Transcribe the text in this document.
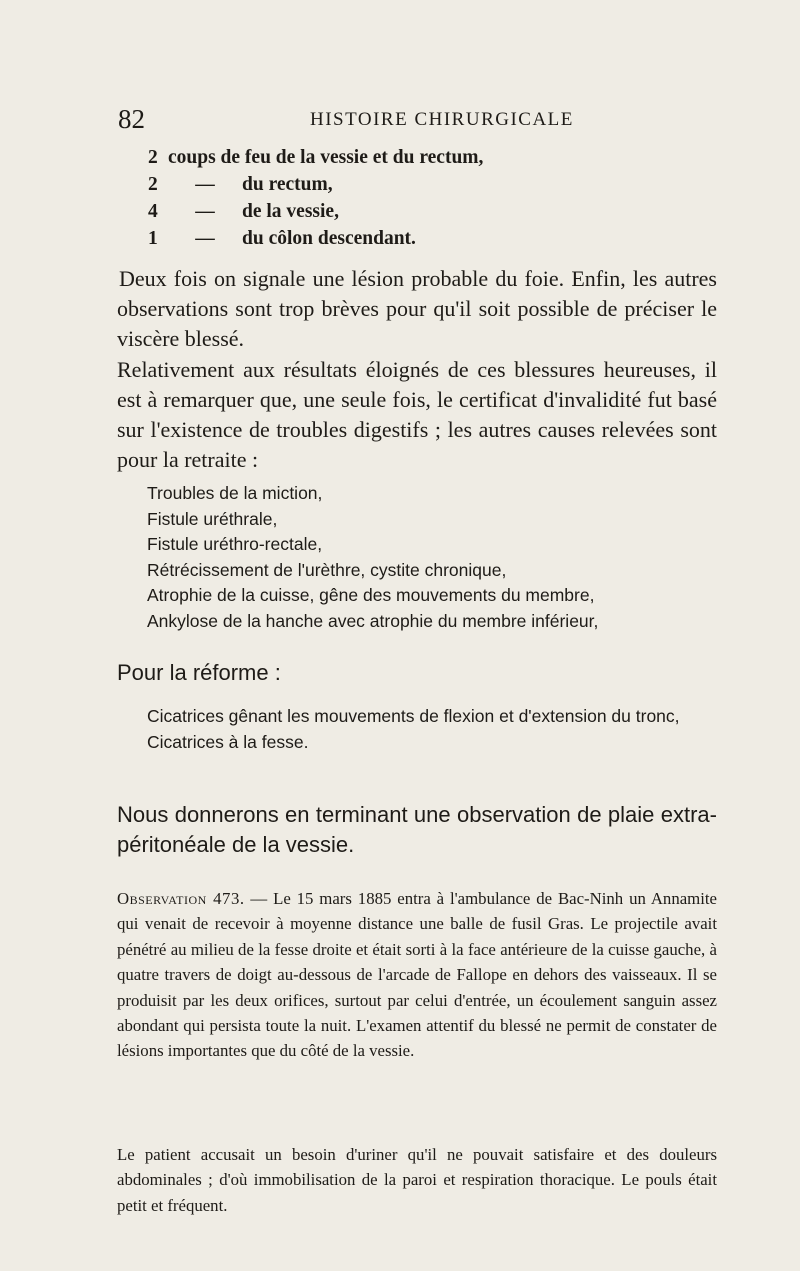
82	HISTOIRE CHIRURGICALE
2 coups de feu de la vessie et du rectum,
2	—	du rectum,
4	—	de la vessie,
1	—	du côlon descendant.

Deux fois on signale une lésion probable du foie. Enfin, les autres observations sont trop brèves pour qu'il soit possible de préciser le viscère blessé.

Relativement aux résultats éloignés de ces blessures heureuses, il est à remarquer que, une seule fois, le certificat d'invalidité fut basé sur l'existence de troubles digestifs ; les autres causes relevées sont pour la retraite :

Troubles de la miction,
Fistule uréthrale,
Fistule uréthro-rectale,
Rétrécissement de l'urèthre, cystite chronique,
Atrophie de la cuisse, gêne des mouvements du membre,
Ankylose de la hanche avec atrophie du membre inférieur,

Pour la réforme :

Cicatrices gênant les mouvements de flexion et d'extension du tronc,
Cicatrices à la fesse.

Nous donnerons en terminant une observation de plaie extra-péritonéale de la vessie.

Observation 473. — Le 15 mars 1885 entra à l'ambulance de Bac-Ninh un Annamite qui venait de recevoir à moyenne distance une balle de fusil Gras. Le projectile avait pénétré au milieu de la fesse droite et était sorti à la face antérieure de la cuisse gauche, à quatre travers de doigt au-dessous de l'arcade de Fallope en dehors des vaisseaux. Il se produisit par les deux orifices, surtout par celui d'entrée, un écoulement sanguin assez abondant qui persista toute la nuit. L'examen attentif du blessé ne permit de constater de lésions importantes que du côté de la vessie.

Le patient accusait un besoin d'uriner qu'il ne pouvait satisfaire et des douleurs abdominales ; d'où immobilisation de la paroi et respiration thoracique. Le pouls était petit et fréquent.
